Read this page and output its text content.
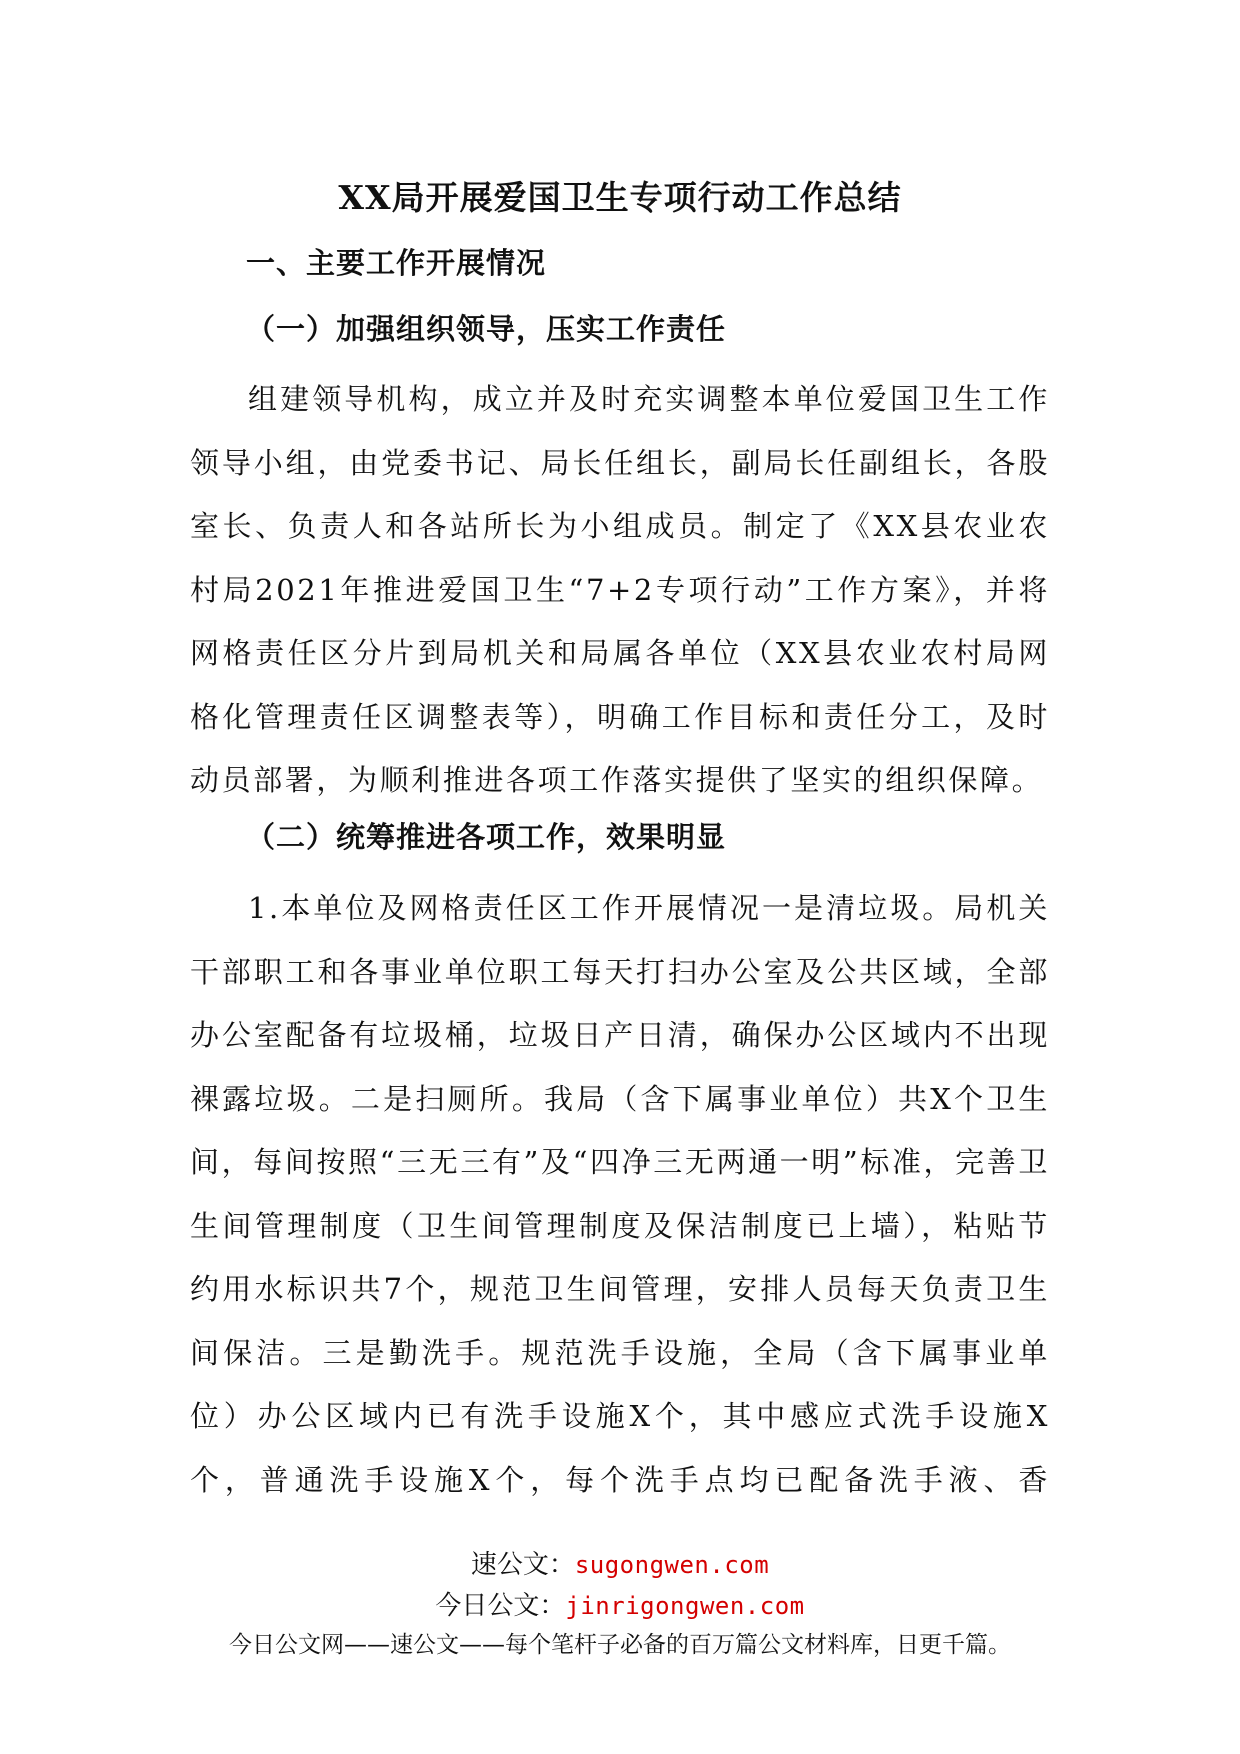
XX局开展爱国卫生专项行动工作总结
一、主要工作开展情况
（一）加强组织领导，压实工作责任

组建领导机构，成立并及时充实调整本单位爱国卫生工作领导小组，由党委书记、局长任组长，副局长任副组长，各股室长、负责人和各站所长为小组成员。制定了《XX县农业农村局2021年推进爱国卫生“7+2专项行动”工作方案》，并将网格责任区分片到局机关和局属各单位（XX县农业农村局网格化管理责任区调整表等），明确工作目标和责任分工，及时动员部署，为顺利推进各项工作落实提供了坚实的组织保障。

（二）统筹推进各项工作，效果明显

1.本单位及网格责任区工作开展情况一是清垃圾。局机关干部职工和各事业单位职工每天打扫办公室及公共区域，全部办公室配备有垃圾桶，垃圾日产日清，确保办公区域内不出现裸露垃圾。二是扫厕所。我局（含下属事业单位）共X个卫生间，每间按照“三无三有”及“四净三无两通一明”标准，完善卫生间管理制度（卫生间管理制度及保洁制度已上墙），粘贴节约用水标识共7个，规范卫生间管理，安排人员每天负责卫生间保洁。三是勤洗手。规范洗手设施，全局（含下属事业单位）办公区域内已有洗手设施X个，其中感应式洗手设施X个，普通洗手设施X个，每个洗手点均已配备洗手液、香

速公文：sugongwen.com
今日公文：jinrigongwen.com
今日公文网——速公文——每个笔杆子必备的百万篇公文材料库，日更千篇。
